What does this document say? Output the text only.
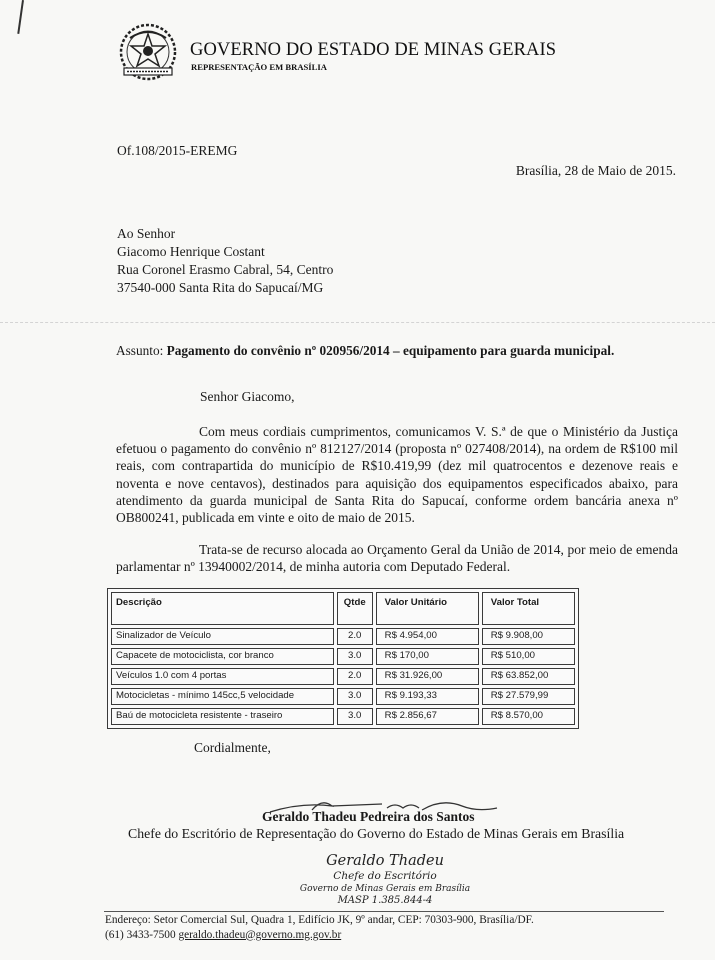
GOVERNO DO ESTADO DE MINAS GERAIS
REPRESENTAÇÃO EM BRASÍLIA
Of.108/2015-EREMG
Brasília, 28 de Maio de 2015.
Ao Senhor
Giacomo Henrique Costant
Rua Coronel Erasmo Cabral, 54, Centro
37540-000 Santa Rita do Sapucaí/MG
Assunto: Pagamento do convênio nº 020956/2014 – equipamento para guarda municipal.
Senhor Giacomo,
Com meus cordiais cumprimentos, comunicamos V. S.ª de que o Ministério da Justiça efetuou o pagamento do convênio nº 812127/2014 (proposta nº 027408/2014), na ordem de R$100 mil reais, com contrapartida do município de R$10.419,99 (dez mil quatrocentos e dezenove reais e noventa e nove centavos), destinados para aquisição dos equipamentos especificados abaixo, para atendimento da guarda municipal de Santa Rita do Sapucaí, conforme ordem bancária anexa nº OB800241, publicada em vinte e oito de maio de 2015.
Trata-se de recurso alocada ao Orçamento Geral da União de 2014, por meio de emenda parlamentar nº 13940002/2014, de minha autoria com Deputado Federal.
Descrição	Qtde	Valor Unitário	Valor Total
Sinalizador de Veículo	2.0	R$ 4.954,00	R$ 9.908,00
Capacete de motociclista, cor branco	3.0	R$ 170,00	R$ 510,00
Veículos 1.0 com 4 portas	2.0	R$ 31.926,00	R$ 63.852,00
Motocicletas - mínimo 145cc,5 velocidade	3.0	R$ 9.193,33	R$ 27.579,99
Baú de motocicleta resistente - traseiro	3.0	R$ 2.856,67	R$ 8.570,00
Cordialmente,
Geraldo Thadeu Pedreira dos Santos
Chefe do Escritório de Representação do Governo do Estado de Minas Gerais em Brasília
Geraldo Thadeu
Chefe do Escritório
Governo de Minas Gerais em Brasília
MASP 1.385.844-4
Endereço: Setor Comercial Sul, Quadra 1, Edifício JK, 9º andar, CEP: 70303-900, Brasília/DF.
(61) 3433-7500 geraldo.thadeu@governo.mg.gov.br
